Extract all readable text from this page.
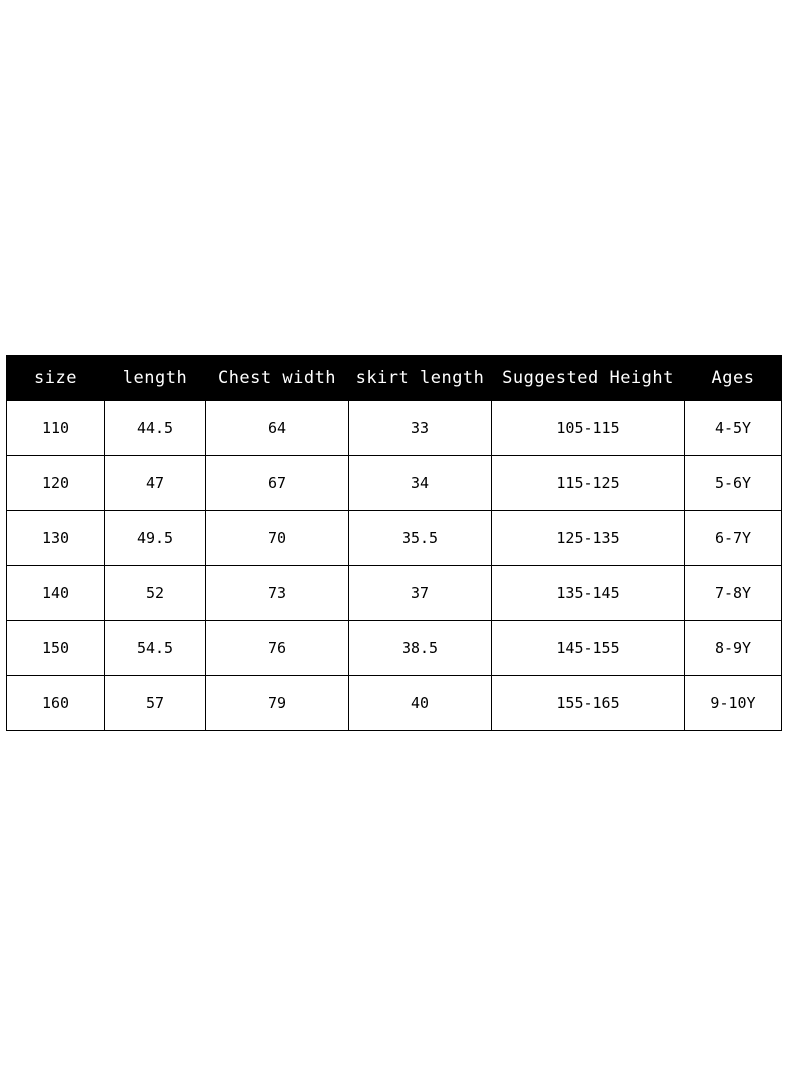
size	length	Chest width	skirt length	Suggested Height	Ages
110	44.5	64	33	105-115	4-5Y
120	47	67	34	115-125	5-6Y
130	49.5	70	35.5	125-135	6-7Y
140	52	73	37	135-145	7-8Y
150	54.5	76	38.5	145-155	8-9Y
160	57	79	40	155-165	9-10Y
